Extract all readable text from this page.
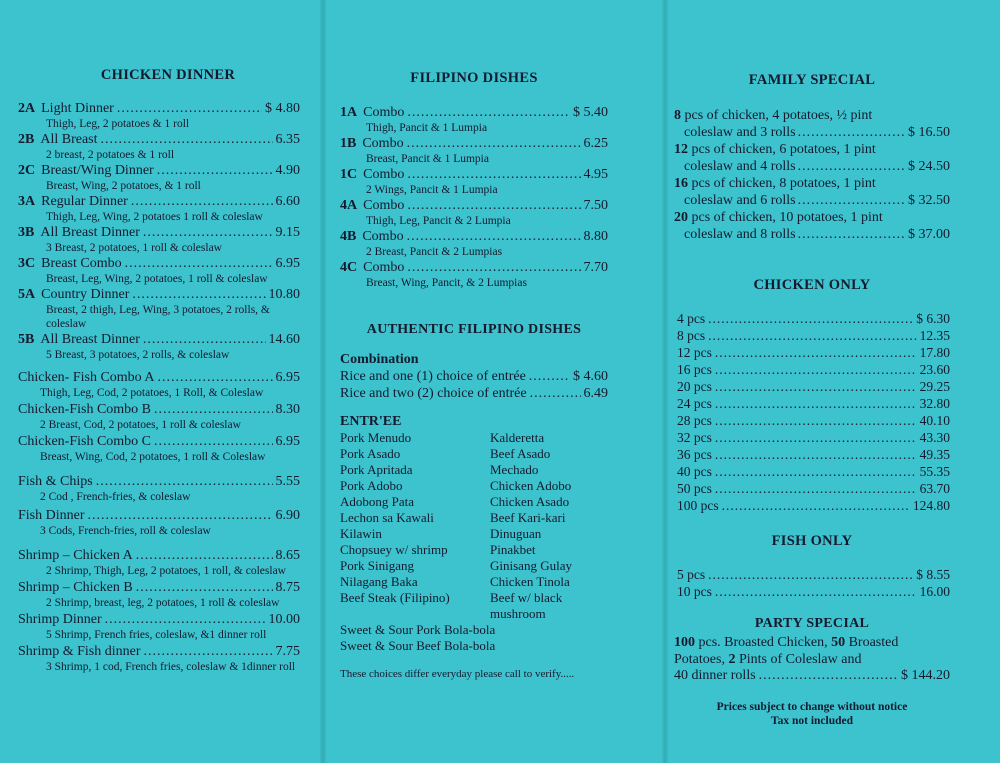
CHICKEN DINNER
2A Light Dinner .....	$ 4.80
Thigh, Leg, 2 potatoes & 1 roll
2B All Breast .....	6.35
2 breast, 2 potatoes & 1 roll
2C Breast/Wing Dinner .....	4.90
Breast, Wing, 2 potatoes, & 1 roll
3A Regular Dinner .....	6.60
Thigh, Leg, Wing, 2 potatoes 1 roll & coleslaw
3B All Breast Dinner .....	9.15
3 Breast, 2 potatoes, 1 roll & coleslaw
3C Breast Combo .....	6.95
Breast, Leg, Wing, 2 potatoes, 1 roll & coleslaw
5A Country Dinner .....	10.80
Breast, 2 thigh, Leg, Wing, 3 potatoes, 2 rolls, & coleslaw
5B All Breast Dinner .....	14.60
5 Breast, 3 potatoes, 2 rolls, & coleslaw
Chicken- Fish Combo A .....	6.95
Thigh, Leg, Cod, 2 potatoes, 1 Roll, & Coleslaw
Chicken-Fish Combo B .....	8.30
2 Breast, Cod, 2 potatoes, 1 roll & coleslaw
Chicken-Fish Combo C .....	6.95
Breast, Wing, Cod, 2 potatoes, 1 roll & Coleslaw
Fish & Chips .....	5.55
2 Cod , French-fries, & coleslaw
Fish Dinner .....	6.90
3 Cods, French-fries, roll & coleslaw
Shrimp – Chicken A .....	8.65
2 Shrimp, Thigh, Leg, 2 potatoes, 1 roll, & coleslaw
Shrimp – Chicken B .....	8.75
2 Shrimp, breast, leg, 2 potatoes, 1 roll & coleslaw
Shrimp Dinner .....	10.00
5 Shrimp, French fries, coleslaw, &1 dinner roll
Shrimp & Fish dinner .....	7.75
3 Shrimp, 1 cod, French fries, coleslaw & 1dinner roll
FILIPINO DISHES
1A Combo .....	$ 5.40
Thigh, Pancit & 1 Lumpia
1B Combo .....	6.25
Breast, Pancit & 1 Lumpia
1C Combo .....	4.95
2 Wings, Pancit & 1 Lumpia
4A Combo .....	7.50
Thigh, Leg, Pancit & 2 Lumpia
4B Combo .....	8.80
2 Breast, Pancit & 2 Lumpias
4C Combo .....	7.70
Breast, Wing, Pancit, & 2 Lumpias
AUTHENTIC FILIPINO DISHES
Combination
Rice and one (1) choice of entrée .....	$ 4.60
Rice and two (2) choice of entrée .....	6.49
ENTR'EE
Pork Menudo
Pork Asado
Pork Apritada
Pork Adobo
Adobong Pata
Lechon sa Kawali
Kilawin
Chopsuey w/ shrimp
Pork Sinigang
Nilagang Baka
Beef Steak (Filipino)
Kalderetta
Beef Asado
Mechado
Chicken Adobo
Chicken Asado
Beef Kari-kari
Dinuguan
Pinakbet
Ginisang Gulay
Chicken Tinola
Beef w/ black mushroom
Sweet & Sour Pork Bola-bola
Sweet & Sour Beef Bola-bola
These choices differ everyday please call to verify.....
FAMILY SPECIAL
8 pcs of chicken, 4 potatoes, ½ pint
coleslaw and 3 rolls .....	$ 16.50
12 pcs of chicken, 6 potatoes, 1 pint
coleslaw and 4 rolls .....	$ 24.50
16 pcs of chicken, 8 potatoes, 1 pint
coleslaw and 6 rolls .....	$ 32.50
20 pcs of chicken, 10 potatoes, 1 pint
coleslaw and 8 rolls .....	$ 37.00
CHICKEN ONLY
4 pcs .....	$ 6.30
8 pcs .....	12.35
12 pcs .....	17.80
16 pcs .....	23.60
20 pcs .....	29.25
24 pcs .....	32.80
28 pcs .....	40.10
32 pcs .....	43.30
36 pcs .....	49.35
40 pcs .....	55.35
50 pcs .....	63.70
100 pcs .....	124.80
FISH ONLY
5 pcs .....	$ 8.55
10 pcs .....	16.00
PARTY SPECIAL
100 pcs. Broasted Chicken, 50 Broasted
Potatoes, 2 Pints of Coleslaw and
40 dinner rolls .....	$ 144.20
Prices subject to change without notice
Tax not included
